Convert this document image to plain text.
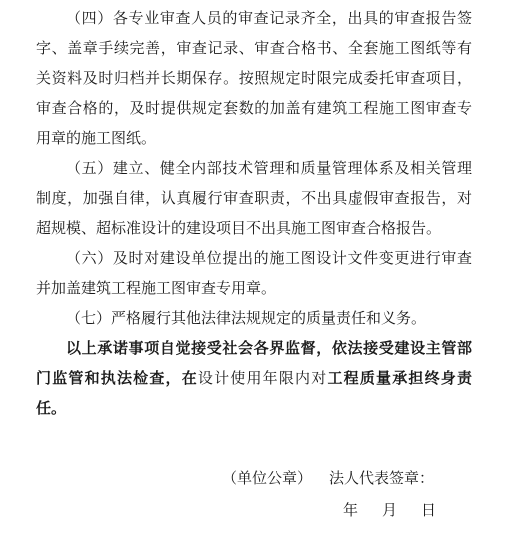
（四）各专业审查人员的审查记录齐全，出具的审查报告签
字、盖章手续完善，审查记录、审查合格书、全套施工图纸等有
关资料及时归档并长期保存。按照规定时限完成委托审查项目，
审查合格的，及时提供规定套数的加盖有建筑工程施工图审查专
用章的施工图纸。
（五）建立、健全内部技术管理和质量管理体系及相关管理
制度，加强自律，认真履行审查职责，不出具虚假审查报告，对
超规模、超标准设计的建设项目不出具施工图审查合格报告。
（六）及时对建设单位提出的施工图设计文件变更进行审查
并加盖建筑工程施工图审查专用章。
（七）严格履行其他法律法规规定的质量责任和义务。
以上承诺事项自觉接受社会各界监督，依法接受建设主管部
门监管和执法检查，在设计使用年限内对工程质量承担终身责
任。
（单位公章） 法人代表签章：
年 月 日
